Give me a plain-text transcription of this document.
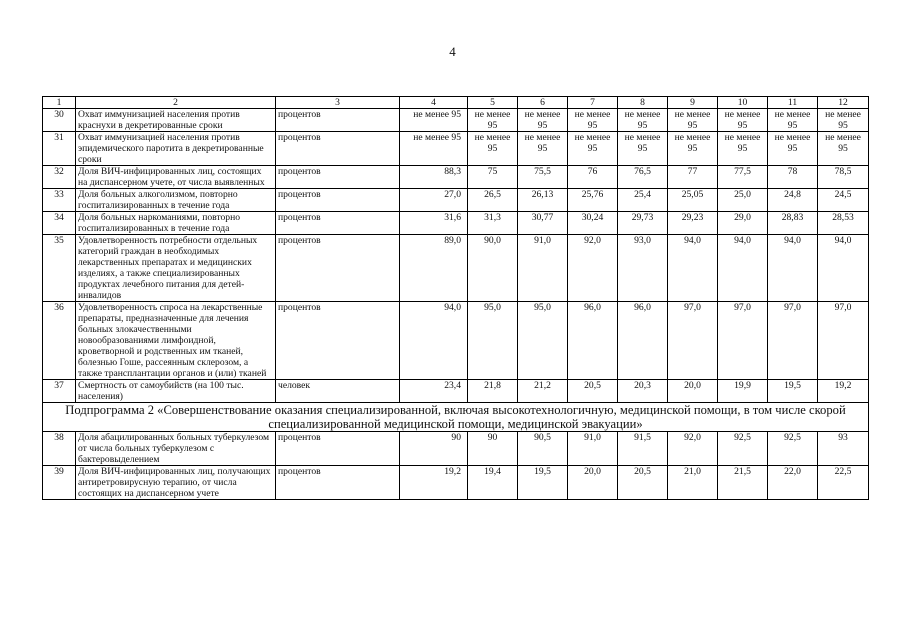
4
1	2	3	4	5	6	7	8	9	10	11	12
30	Охват иммунизацией населения против краснухи в декретированные сроки	процентов	не менее 95	не менее 95	не менее 95	не менее 95	не менее 95	не менее 95	не менее 95	не менее 95	не менее 95
31	Охват иммунизацией населения против эпидемического паротита в декретированные сроки	процентов	не менее 95	не менее 95	не менее 95	не менее 95	не менее 95	не менее 95	не менее 95	не менее 95	не менее 95
32	Доля ВИЧ-инфицированных лиц, состоящих на диспансерном учете, от числа выявленных	процентов	88,3	75	75,5	76	76,5	77	77,5	78	78,5
33	Доля больных алкоголизмом, повторно госпитализированных в течение года	процентов	27,0	26,5	26,13	25,76	25,4	25,05	25,0	24,8	24,5
34	Доля больных наркоманиями, повторно госпитализированных в течение года	процентов	31,6	31,3	30,77	30,24	29,73	29,23	29,0	28,83	28,53
35	Удовлетворенность потребности отдельных категорий граждан в необходимых лекарственных препаратах и медицинских изделиях, а также специализированных продуктах лечебного питания для детей-инвалидов	процентов	89,0	90,0	91,0	92,0	93,0	94,0	94,0	94,0	94,0
36	Удовлетворенность спроса на лекарственные препараты, предназначенные для лечения больных злокачественными новообразованиями лимфоидной, кроветворной и родственных им тканей, болезнью Гоше, рассеянным склерозом, а также трансплантации органов и (или) тканей	процентов	94,0	95,0	95,0	96,0	96,0	97,0	97,0	97,0	97,0
37	Смертность от самоубийств (на 100 тыс. населения)	человек	23,4	21,8	21,2	20,5	20,3	20,0	19,9	19,5	19,2
Подпрограмма 2 «Совершенствование оказания специализированной, включая высокотехнологичную, медицинской помощи, в том числе скорой специализированной медицинской помощи, медицинской эвакуации»											
38	Доля абацилированных больных туберкулезом от числа больных туберкулезом с бактеровыделением	процентов	90	90	90,5	91,0	91,5	92,0	92,5	92,5	93
39	Доля ВИЧ-инфицированных лиц, получающих антиретровирусную терапию, от числа состоящих на диспансерном учете	процентов	19,2	19,4	19,5	20,0	20,5	21,0	21,5	22,0	22,5
